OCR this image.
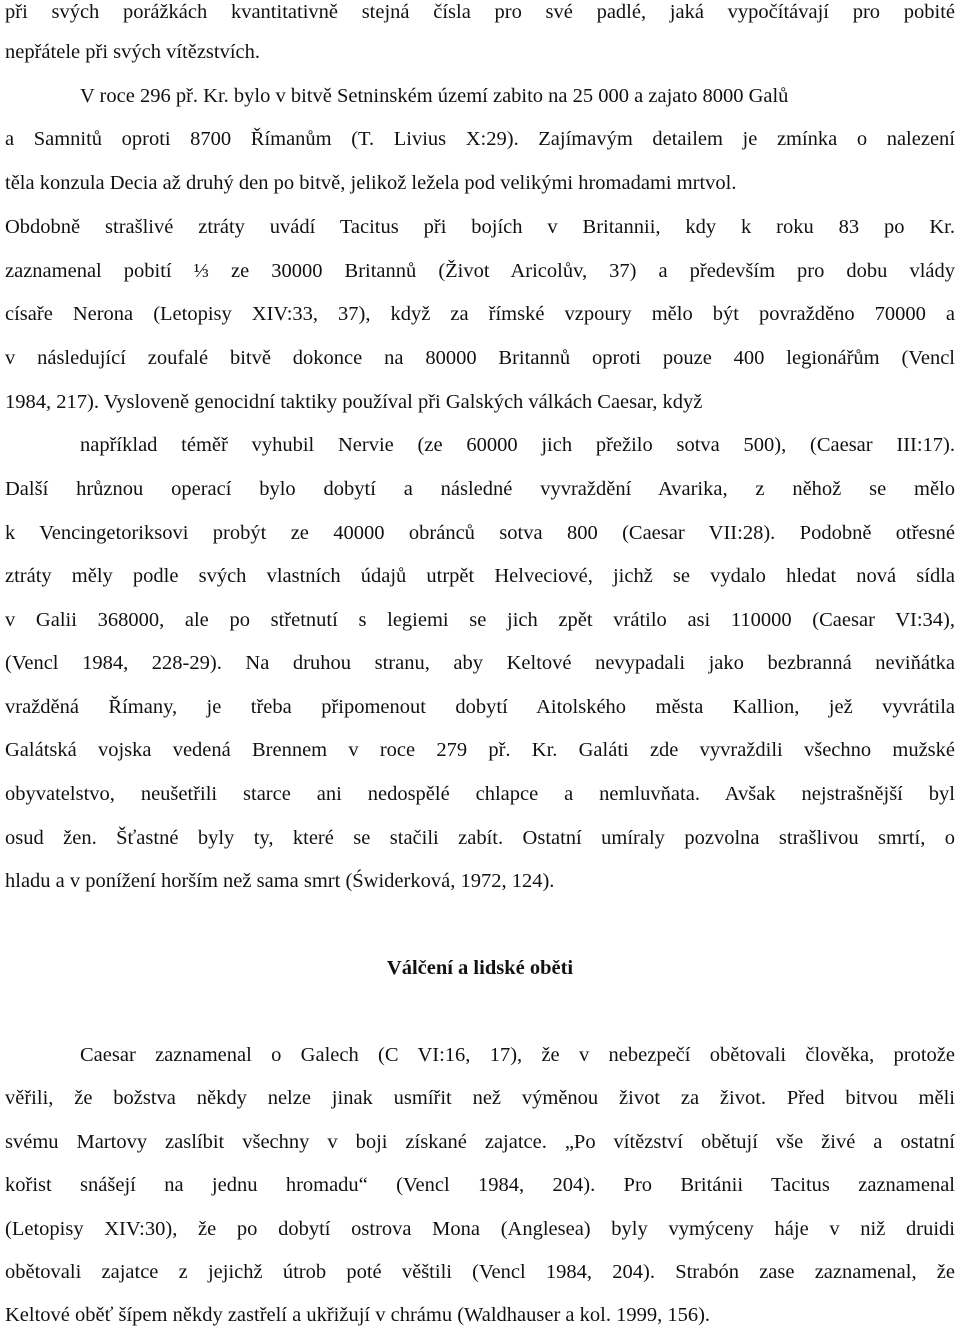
při svých porážkách kvantitativně stejná čísla pro své padlé, jaká vypočítávají pro pobité
nepřátele při svých vítězstvích.
V roce 296 př. Kr. bylo v bitvě Setninském území zabito na 25 000 a zajato 8000 Galů
a Samnitů oproti 8700 Římanům (T. Livius X:29). Zajímavým detailem je zmínka o nalezení
těla konzula Decia až druhý den po bitvě, jelikož ležela pod velikými hromadami mrtvol.
Obdobně strašlivé ztráty uvádí Tacitus při bojích v Britannii, kdy k roku 83 po Kr.
zaznamenal pobití ⅓ ze 30000 Britannů (Život Aricolův, 37) a především pro dobu vlády
císaře Nerona (Letopisy XIV:33, 37), když za římské vzpoury mělo být povražděno 70000 a
v následující zoufalé bitvě dokonce na 80000 Britannů oproti pouze 400 legionářům (Vencl
1984, 217). Vysloveně genocidní taktiky používal při Galských válkách Caesar, když
například téměř vyhubil Nervie (ze 60000 jich přežilo sotva 500), (Caesar III:17).
Další hrůznou operací bylo dobytí a následné vyvraždění Avarika, z něhož se mělo
k Vencingetoriksovi probýt ze 40000 obránců sotva 800 (Caesar VII:28). Podobně otřesné
ztráty měly podle svých vlastních údajů utrpět Helveciové, jichž se vydalo hledat nová sídla
v Galii 368000, ale po střetnutí s legiemi se jich zpět vrátilo asi 110000 (Caesar VI:34),
(Vencl 1984, 228-29). Na druhou stranu, aby Keltové nevypadali jako bezbranná neviňátka
vražděná Římany, je třeba připomenout dobytí Aitolského města Kallion, jež vyvrátila
Galátská vojska vedená Brennem v roce 279 př. Kr. Galáti zde vyvraždili všechno mužské
obyvatelstvo, neušetřili starce ani nedospělé chlapce a nemluvňata. Avšak nejstrašnější byl
osud žen. Šťastné byly ty, které se stačili zabít. Ostatní umíraly pozvolna strašlivou smrtí, o
hladu a v ponížení horším než sama smrt (Świderková, 1972, 124).
Válčení a lidské oběti
Caesar zaznamenal o Galech (C VI:16, 17), že v nebezpečí obětovali člověka, protože
věřili, že božstva někdy nelze jinak usmířit než výměnou život za život. Před bitvou měli
svému Martovy zaslíbit všechny v boji získané zajatce. „Po vítězství obětují vše živé a ostatní
kořist snášejí na jednu hromadu“ (Vencl 1984, 204). Pro Británii Tacitus zaznamenal
(Letopisy XIV:30), že po dobytí ostrova Mona (Anglesea) byly vymýceny háje v niž druidi
obětovali zajatce z jejichž útrob poté věštili (Vencl 1984, 204). Strabón zase zaznamenal, že
Keltové oběť šípem někdy zastřelí a ukřižují v chrámu (Waldhauser a kol. 1999, 156).
